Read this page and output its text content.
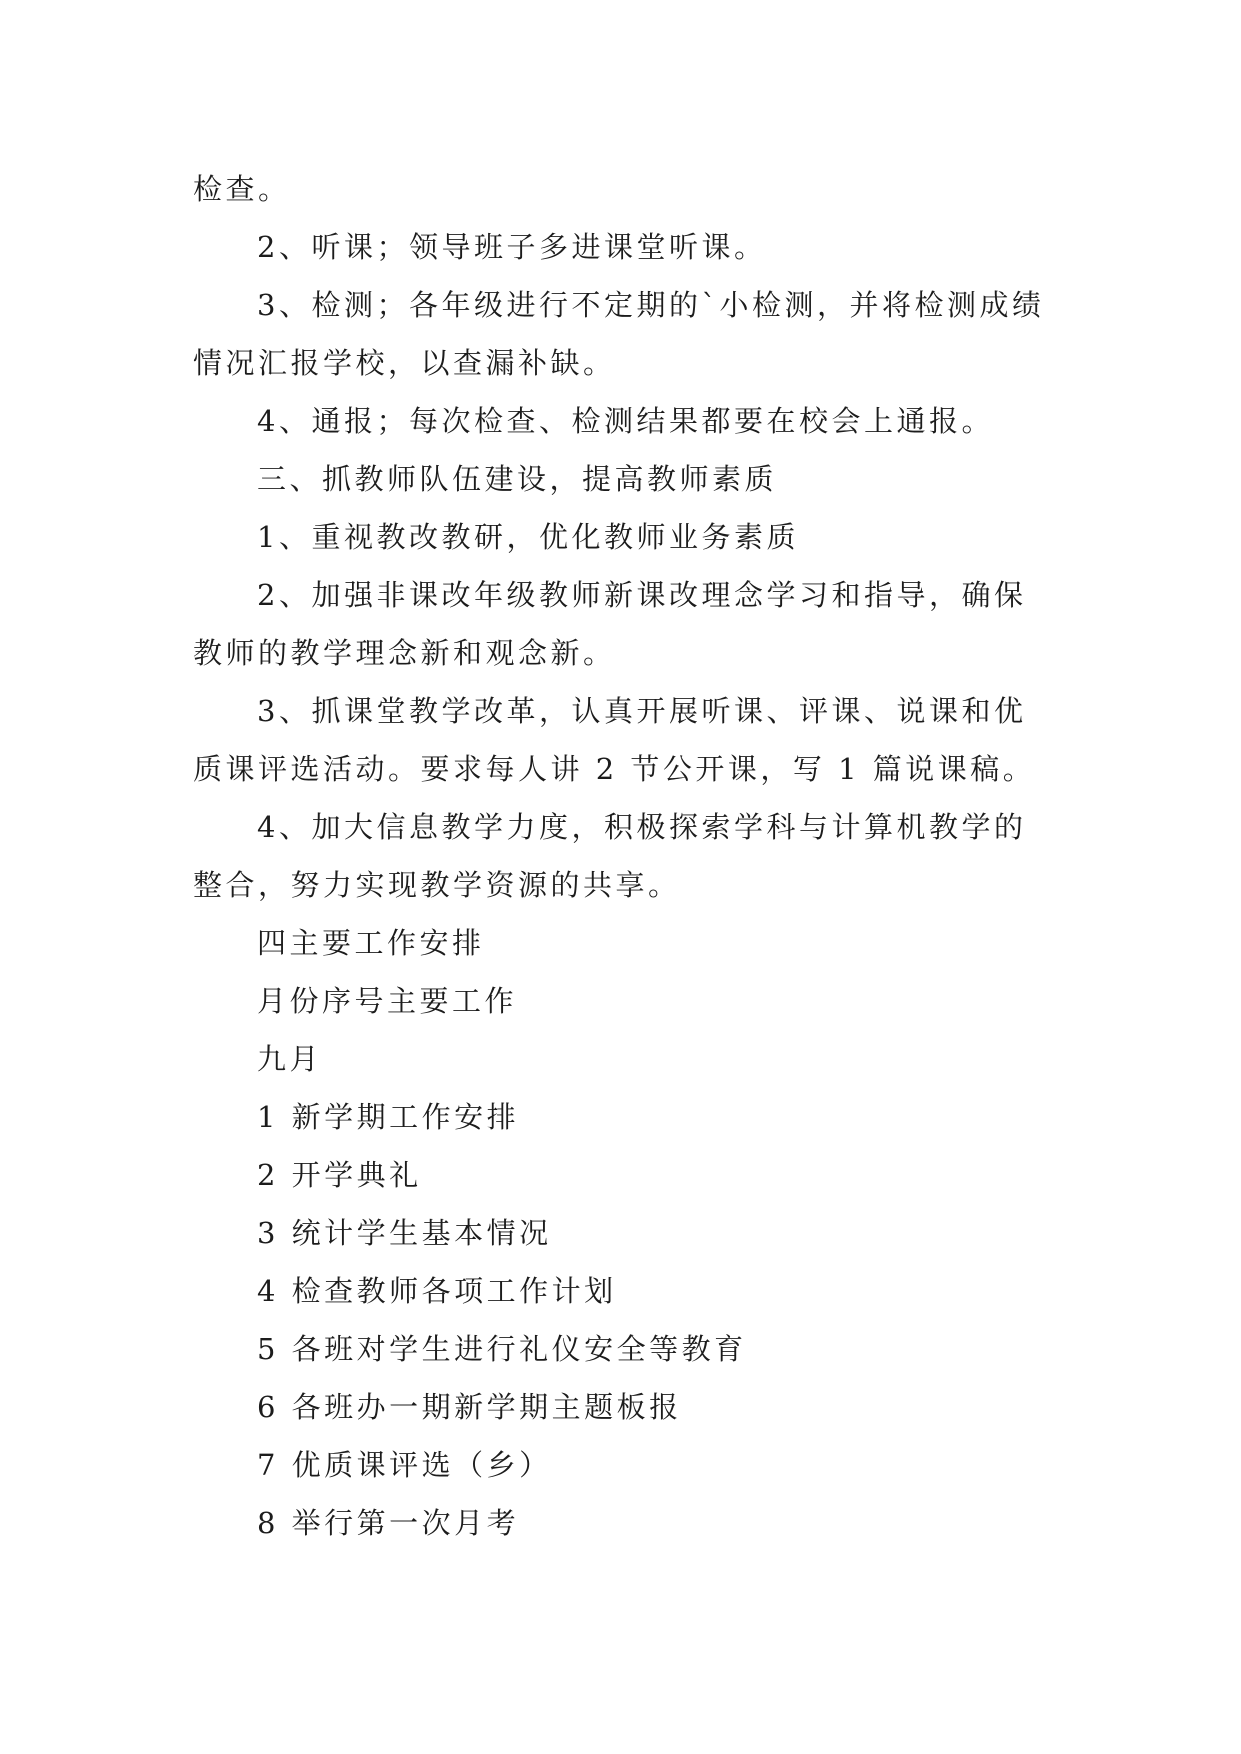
检查。

2、听课；领导班子多进课堂听课。

3、检测；各年级进行不定期的`小检测，并将检测成绩情况汇报学校，以查漏补缺。

4、通报；每次检查、检测结果都要在校会上通报。

三、抓教师队伍建设，提高教师素质

1、重视教改教研，优化教师业务素质

2、加强非课改年级教师新课改理念学习和指导，确保教师的教学理念新和观念新。

3、抓课堂教学改革，认真开展听课、评课、说课和优质课评选活动。要求每人讲 2 节公开课，写 1 篇说课稿。

4、加大信息教学力度，积极探索学科与计算机教学的整合，努力实现教学资源的共享。

四主要工作安排

月份序号主要工作

九月

1 新学期工作安排

2 开学典礼

3 统计学生基本情况

4 检查教师各项工作计划

5 各班对学生进行礼仪安全等教育

6 各班办一期新学期主题板报

7 优质课评选（乡）

8 举行第一次月考
